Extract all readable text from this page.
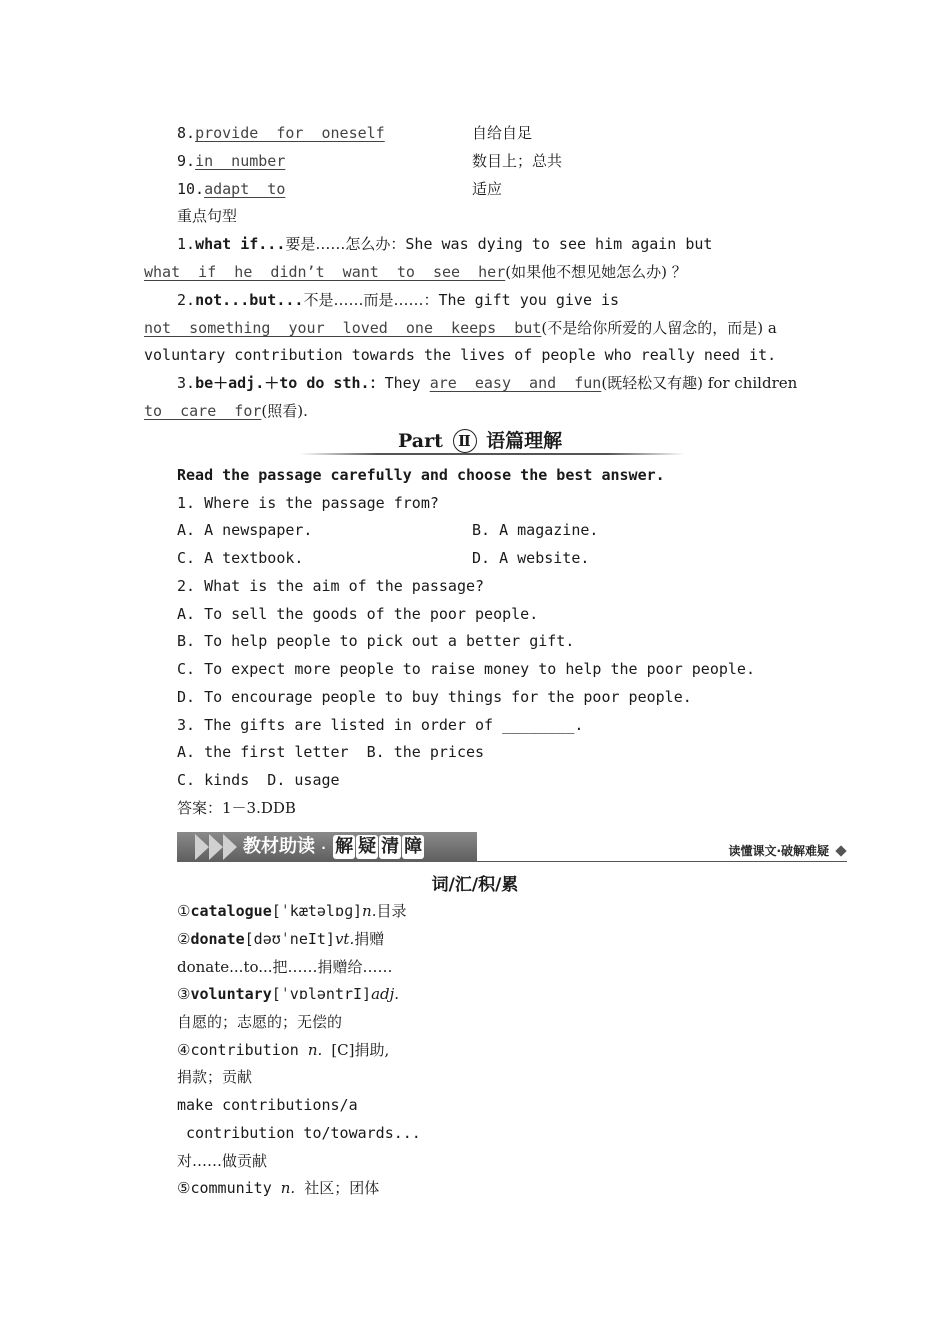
8.provide  for  oneself	自给自足
9.in  number	数目上；总共
10.adapt  to	适应
重点句型
1.what if...要是……怎么办：She was dying to see him again but
what  if  he  didn’t  want  to  see  her(如果他不想见她怎么办) ？
2.not...but...不是……而是……：The gift you give is
not  something  your  loved  one  keeps  but(不是给你所爱的人留念的，而是) a
voluntary contribution towards the lives of people who really need it.
3.be＋adj.＋to do sth.：They are  easy  and  fun(既轻松又有趣) for children
to  care  for(照看).
Part Ⅱ 语篇理解
Read the passage carefully and choose the best answer.
1. Where is the passage from?
A. A newspaper.	B. A magazine.
C. A textbook.	D. A website.
2. What is the aim of the passage?
A. To sell the goods of the poor people.
B. To help people to pick out a better gift.
C. To expect more people to raise money to help the poor people.
D. To encourage people to buy things for the poor people.
3. The gifts are listed in order of ________.
A. the first letter  B. the prices
C. kinds  D. usage
答案：1－3.DDB
教材助读 · 解 疑 清 障	读懂课文·破解难疑
词/汇/积/累
①catalogue[ˈkætəlɒɡ]n.目录
②donate[dəʊˈneIt]vt.捐赠
donate...to...把……捐赠给……
③voluntary[ˈvɒləntrI]adj.
自愿的；志愿的；无偿的
④contribution n. [C]捐助,
捐款；贡献
make contributions/a
contribution to/towards...
对……做贡献
⑤community n. 社区；团体
